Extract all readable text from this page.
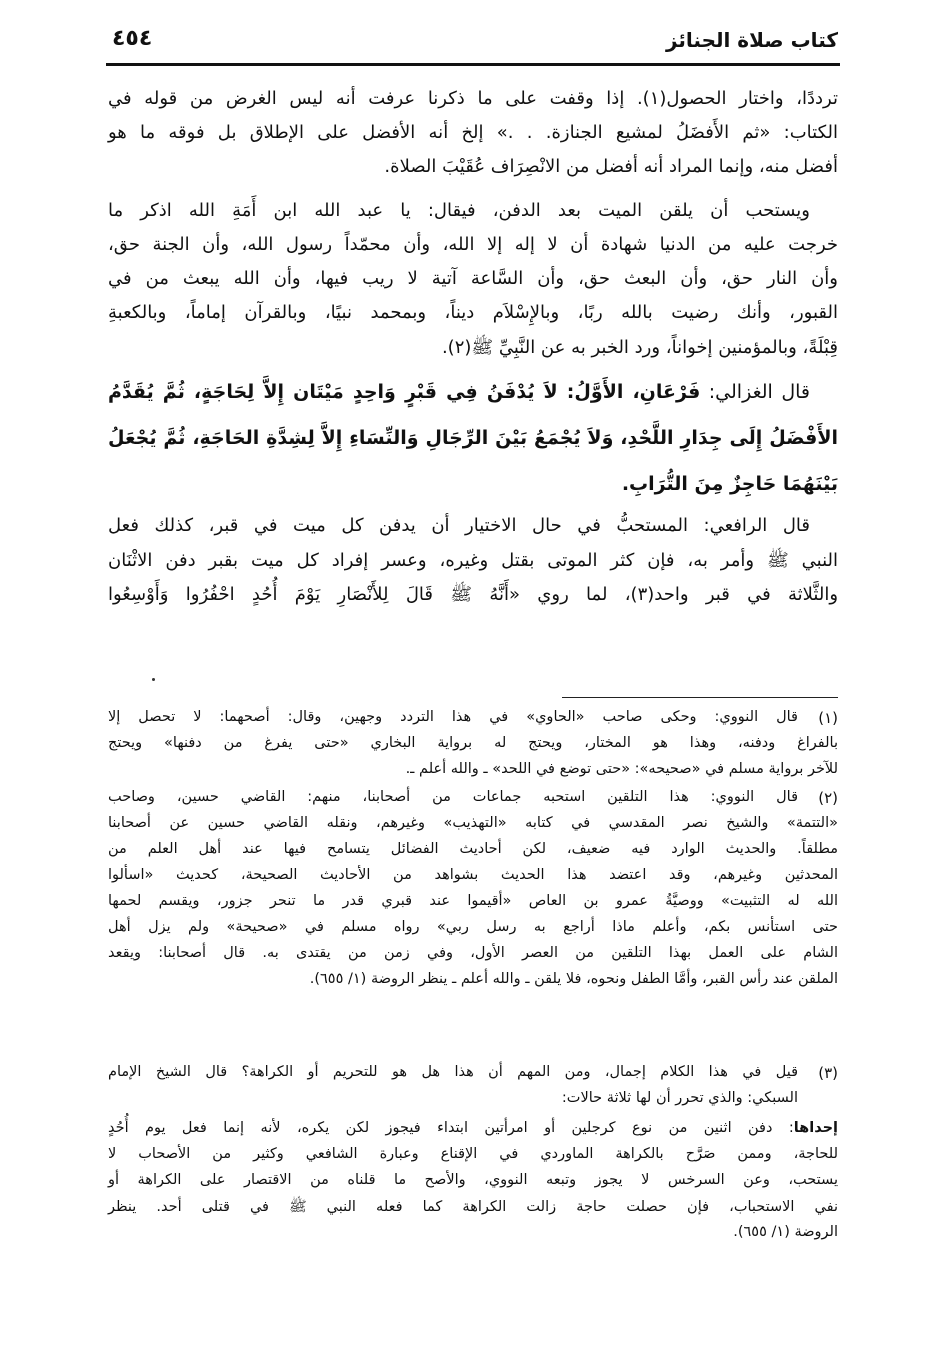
كتاب صلاة الجنائز
٤٥٤
ترددًا، واختار الحصول(١). إذا وقفت على ما ذكرنا عرفت أنه ليس الغرض من قوله في
الكتاب: «ثم الأَفضَلُ لمشيع الجنازة. . .» إلخ أنه الأفضل على الإطلاق بل فوقه ما هو
أفضل منه، وإنما المراد أنه أفضل من الانْصِرَاف عُقَيْبَ الصلاة.
ويستحب أن يلقن الميت بعد الدفن، فيقال: يا عبد الله ابن أَمَةِ الله اذكر ما
خرجت عليه من الدنيا شهادة أن لا إله إلا الله، وأن محمّداً رسول الله، وأن الجنة حق،
وأن النار حق، وأن البعث حق، وأن السَّاعة آتية لا ريب فيها، وأن الله يبعث من في
القبور، وأنك رضيت بالله ربًا، وبالإِسْلاَم ديناً، وبمحمد نبيًا، وبالقرآن إماماً، وبالكعبةِ
قِبْلَةً، وبالمؤمنين إخواناً، ورد الخبر به عن النَّبِيِّ ﷺ(٢).
قال الغزالي: فَرْعَانِ، الأَوَّلُ: لاَ يُدْفَنُ فِي قَبْرٍ وَاحِدٍ مَيْتَان إِلاَّ لِحَاجَةٍ، ثُمَّ يُقَدَّمُ
الأَفْضَلُ إِلَى جِدَارِ اللَّحْدِ، وَلاَ يُجْمَعُ بَيْنَ الرِّجَالِ وَالنِّسَاءِ إِلاَّ لِشِدَّةِ الحَاجَةِ، ثُمَّ يُجْعَلُ
بَيْنَهُمَا حَاجِزٌ مِنَ التُّرَابِ.
قال الرافعي: المستحبُّ في حال الاختيار أن يدفن كل ميت في قبر، كذلك فعل
النبي ﷺ وأمر به، فإن كثر الموتى بقتل وغيره، وعسر إفراد كل ميت بقبر دفن الاثْنَان
والثَّلاثة في قبر واحد(٣)، لما روي «أَنَّهُ ﷺ قَالَ لِلأَنْصَارِ يَوْمَ أُحُدٍ احْفُرُوا وَأَوْسِعُوا
(١)
قال النووي: وحكى صاحب «الحاوي» في هذا التردد وجهين، وقال: أصحهما: لا تحصل إلا
بالفراغ ودفنه، وهذا هو المختار، ويحتج له برواية البخاري «حتى يفرغ من دفنها» ويحتج
للآخر برواية مسلم في «صحيحه»: «حتى توضع في اللحد» ـ والله أعلم ـ.
(٢)
قال النووي: هذا التلقين استحبه جماعات من أصحابنا، منهم: القاضي حسين، وصاحب
«التتمة» والشيخ نصر المقدسي في كتابه «التهذيب» وغيرهم، ونقله القاضي حسين عن أصحابنا
مطلقاً. والحديث الوارد فيه ضعيف، لكن أحاديث الفضائل يتسامح فيها عند أهل العلم من
المحدثين وغيرهم، وقد اعتضد هذا الحديث بشواهد من الأحاديث الصحيحة، كحديث «اسألوا
الله له التثبيت» ووصيَّةُ عمرو بن العاص «أقيموا عند قبري قدر ما تنحر جزور، ويقسم لحمها
حتى استأنس بكم، وأعلم ماذا أراجع به رسل ربي» رواه مسلم في «صحيحة» ولم يزل أهل
الشام على العمل بهذا التلقين من العصر الأول، وفي زمن من يقتدى به. قال أصحابنا: ويقعد
الملقن عند رأس القبر، وأمَّا الطفل ونحوه، فلا يلقن ـ والله أعلم ـ ينظر الروضة (١/ ٦٥٥).
(٣)
قيل في هذا الكلام إجمال، ومن المهم أن هذا هل هو للتحريم أو الكراهة؟ قال الشيخ الإمام
السبكي: والذي تحرر أن لها ثلاثة حالات:
إحداها: دفن اثنين من نوع كرجلين أو امرأتين ابتداء فيجوز لكن يكره، لأنه إنما فعل يوم أُحُدٍ
للحاجة، وممن صَرَّح بالكراهة الماوردي في الإقناع وعبارة الشافعي وكثير من الأصحاب لا
يستحب، وعن السرخس لا يجوز وتبعه النووي، والأصح ما قلناه من الاقتصار على الكراهة أو
نفي الاستحباب، فإن حصلت حاجة زالت الكراهة كما فعله النبي ﷺ في قتلى أحد. ينظر
الروضة (١/ ٦٥٥).
